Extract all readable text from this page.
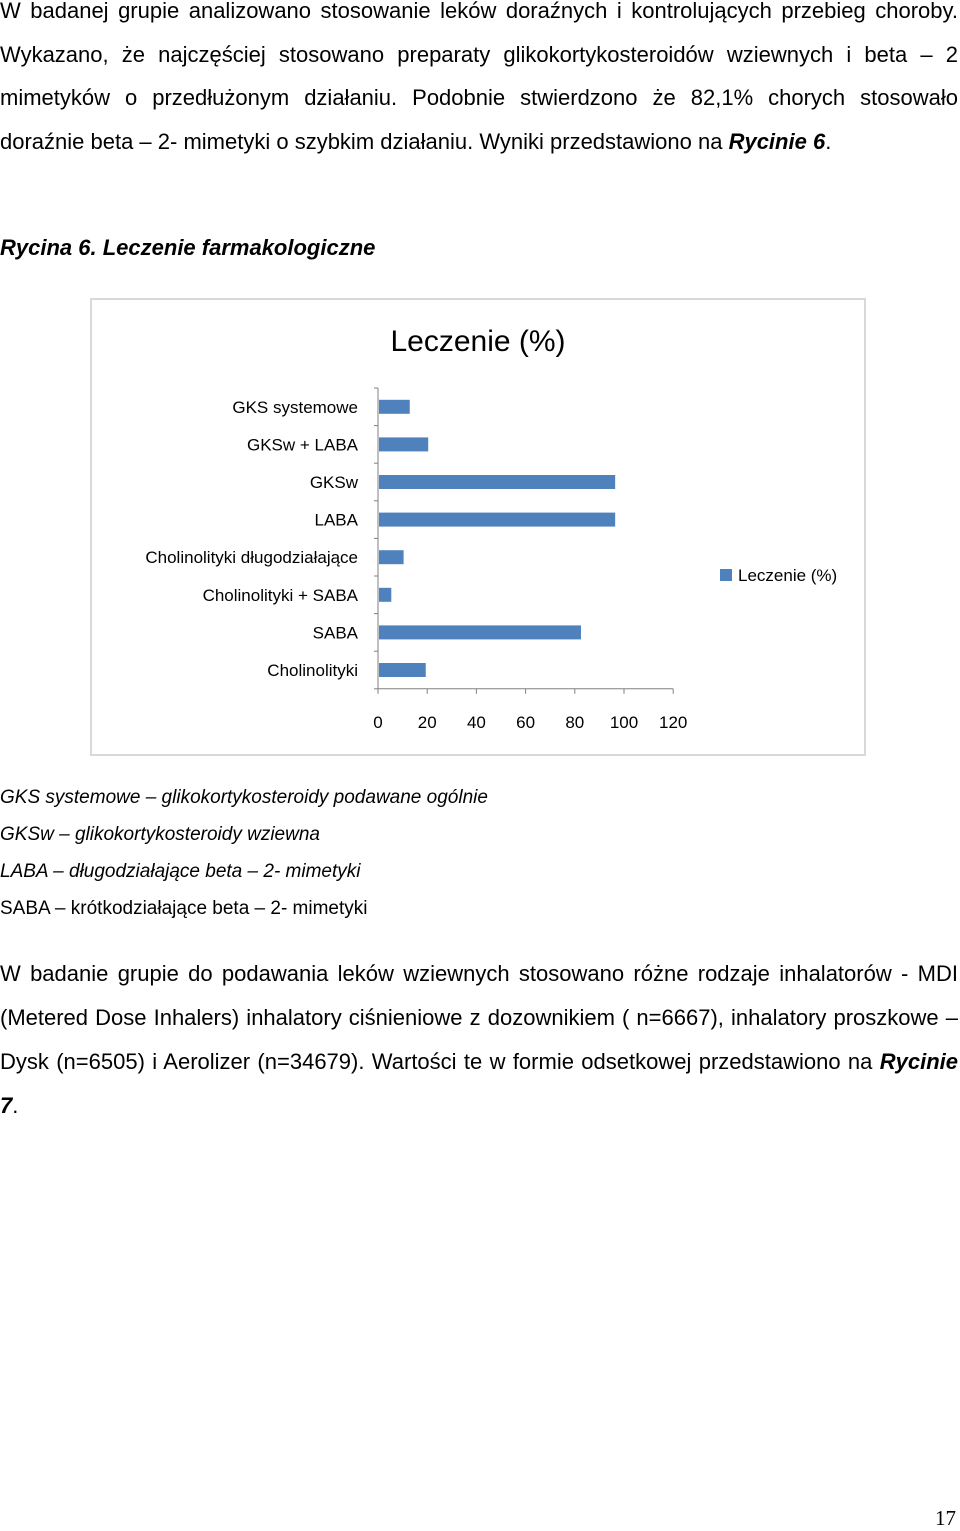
W badanej grupie analizowano stosowanie leków doraźnych i kontrolujących przebieg choroby. Wykazano, że najczęściej stosowano preparaty glikokortykosteroidów wziewnych i beta – 2 mimetyków o przedłużonym działaniu. Podobnie stwierdzono że 82,1% chorych stosowało doraźnie beta – 2- mimetyki o szybkim działaniu. Wyniki przedstawiono na Rycinie 6.

Rycina 6. Leczenie farmakologiczne

Leczenie (%)
GKS systemowe
GKSw + LABA
GKSw
LABA
Cholinolityki długodziałające
Cholinolityki + SABA
SABA
Cholinolityki
0 20 40 60 80 100 120
Leczenie (%)
GKS systemowe – glikokortykosteroidy podawane ogólnie
GKSw – glikokortykosteroidy wziewna
LABA – długodziałające beta – 2- mimetyki
SABA – krótkodziałające beta – 2- mimetyki

W badanie grupie do podawania leków wziewnych stosowano różne rodzaje inhalatorów - MDI (Metered Dose Inhalers) inhalatory ciśnieniowe z dozownikiem ( n=6667), inhalatory proszkowe – Dysk (n=6505) i Aerolizer (n=34679). Wartości te w formie odsetkowej przedstawiono na Rycinie 7.

17
